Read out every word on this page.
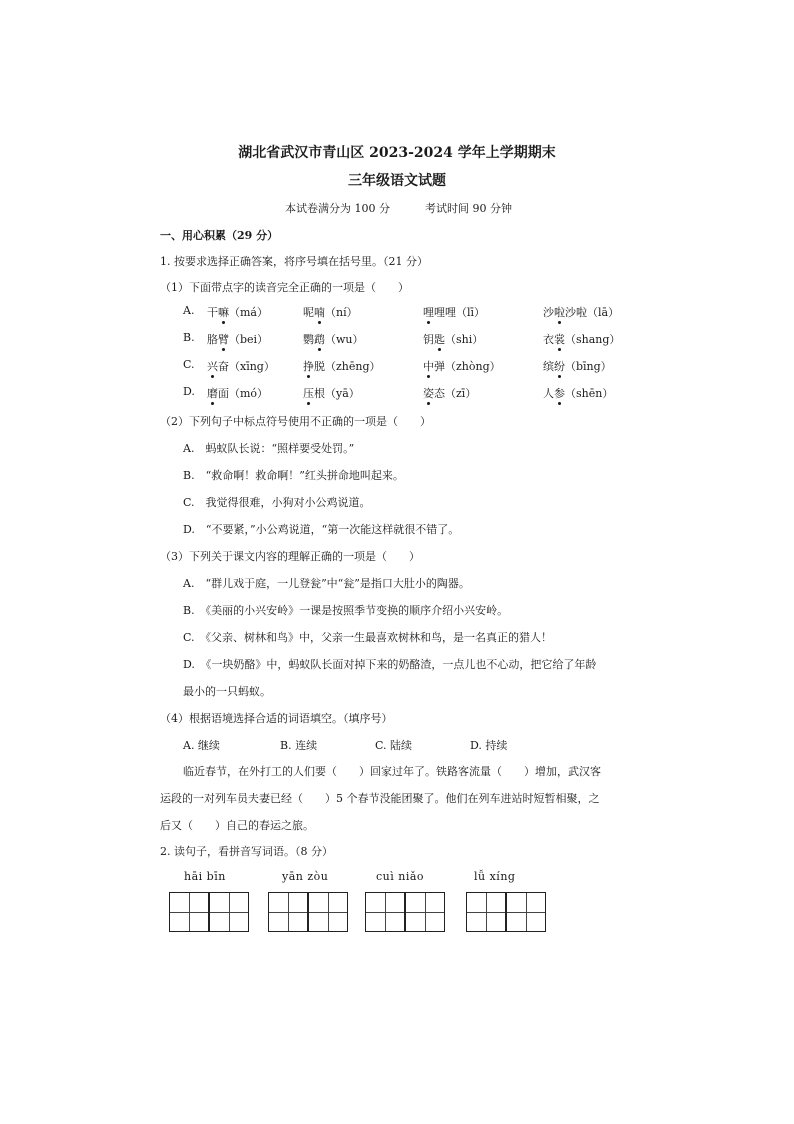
湖北省武汉市青山区 2023-2024 学年上学期期末
三年级语文试题
本试卷满分为 100 分	考试时间 90 分钟
一、用心积累（29 分）
1. 按要求选择正确答案，将序号填在括号里。（21 分）
（1）下面带点字的读音完全正确的一项是（　　）
A. 干嘛（má）	呢喃（ní）	哩哩哩（lī）	沙啦沙啦（lā）
B. 胳臂（bei）	鹦鹉（wu）	钥匙（shi）	衣裳（shang）
C. 兴奋（xīng）	挣脱（zhēng）	中弹（zhòng）	缤纷（bīng）
D. 磨面（mó）	压根（yā）	姿态（zī）	人参（shēn）
（2）下列句子中标点符号使用不正确的一项是（　　）
A.　蚂蚁队长说：“照样要受处罚。”
B.　“救命啊！救命啊！”红头拼命地叫起来。
C.　我觉得很难，小狗对小公鸡说道。
D.　“不要紧，”小公鸡说道，“第一次能这样就很不错了。
（3）下列关于课文内容的理解正确的一项是（　　）
A.　“群儿戏于庭，一儿登瓮”中“瓮”是指口大肚小的陶器。
B.　《美丽的小兴安岭》一课是按照季节变换的顺序介绍小兴安岭。
C.　《父亲、树林和鸟》中，父亲一生最喜欢树林和鸟，是一名真正的猎人！
D.　《一块奶酪》中，蚂蚁队长面对掉下来的奶酪渣，一点儿也不心动，把它给了年龄
最小的一只蚂蚁。
（4）根据语境选择合适的词语填空。（填序号）
A. 继续	B. 连续	C. 陆续	D. 持续
临近春节，在外打工的人们要（　　）回家过年了。铁路客流量（　　）增加，武汉客
运段的一对列车员夫妻已经（　　）5 个春节没能团聚了。他们在列车进站时短暂相聚，之
后又（　　）自己的春运之旅。
2. 读句子，看拼音写词语。（8 分）
hāi bīn	yān zòu	cuì niǎo	lǚ xíng
